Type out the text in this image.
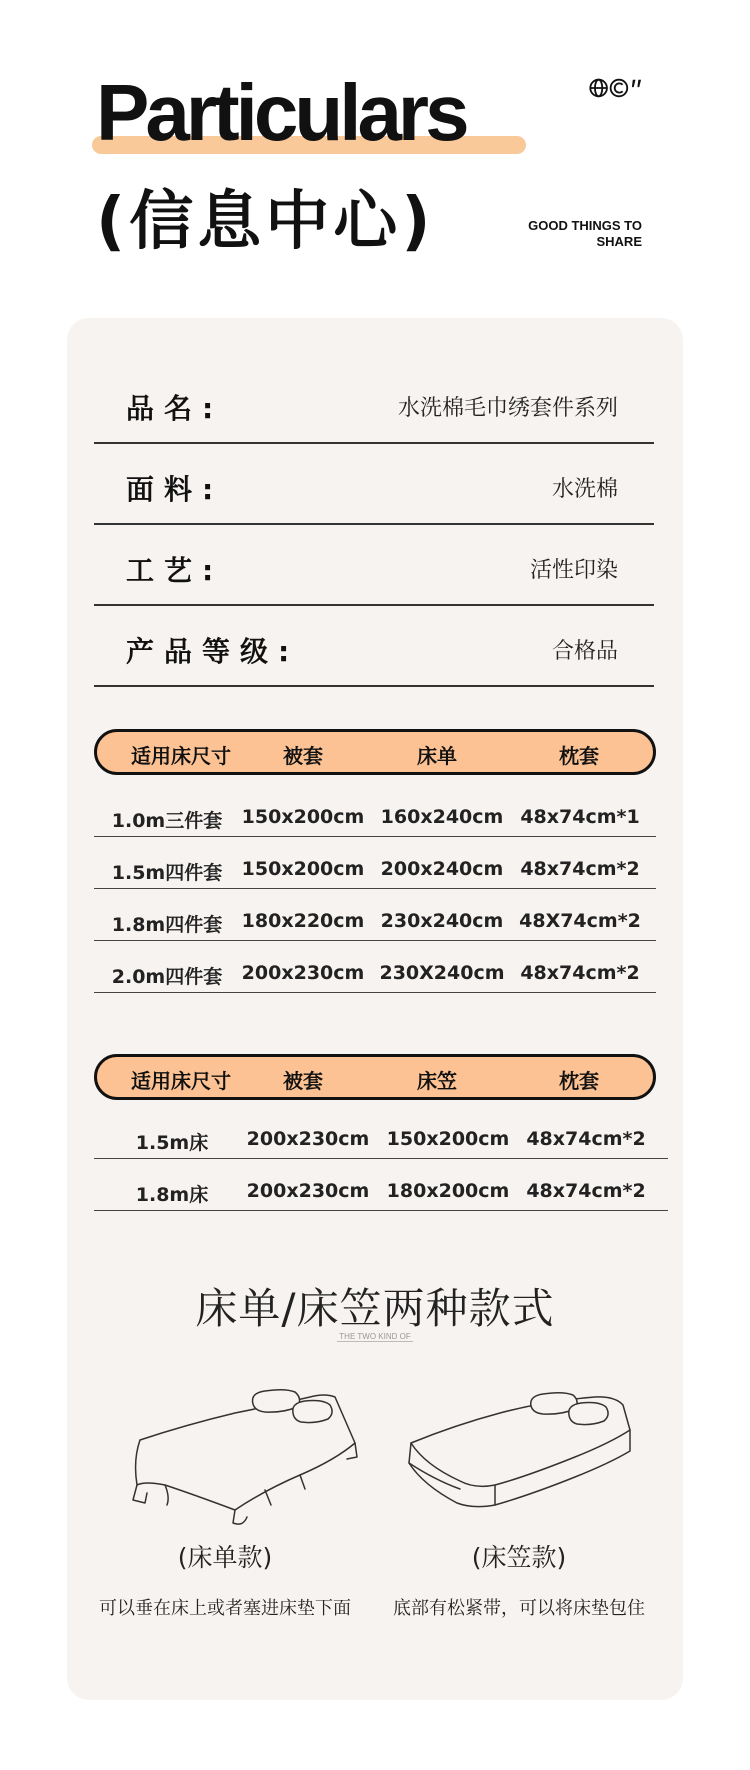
Particulars
(信息中心)	GOOD THINGS TO
SHARE
品名:	水洗棉毛巾绣套件系列
面料:	水洗棉
工艺:	活性印染
产品等级:	合格品
适用床尺寸	被套	床单	枕套
1.0m三件套 150x200cm 160x240cm 48x74cm*1
1.5m四件套 150x200cm 200x240cm 48x74cm*2
1.8m四件套 180x220cm 230x240cm 48X74cm*2
2.0m四件套 200x230cm 230X240cm 48x74cm*2
适用床尺寸	被套	床笠	枕套
1.5m床 200x230cm 150x200cm 48x74cm*2
1.8m床 200x230cm 180x200cm 48x74cm*2
床单/床笠两种款式
THE TWO KIND OF
(床单款)	(床笠款)
可以垂在床上或者塞进床垫下面	底部有松紧带，可以将床垫包住
